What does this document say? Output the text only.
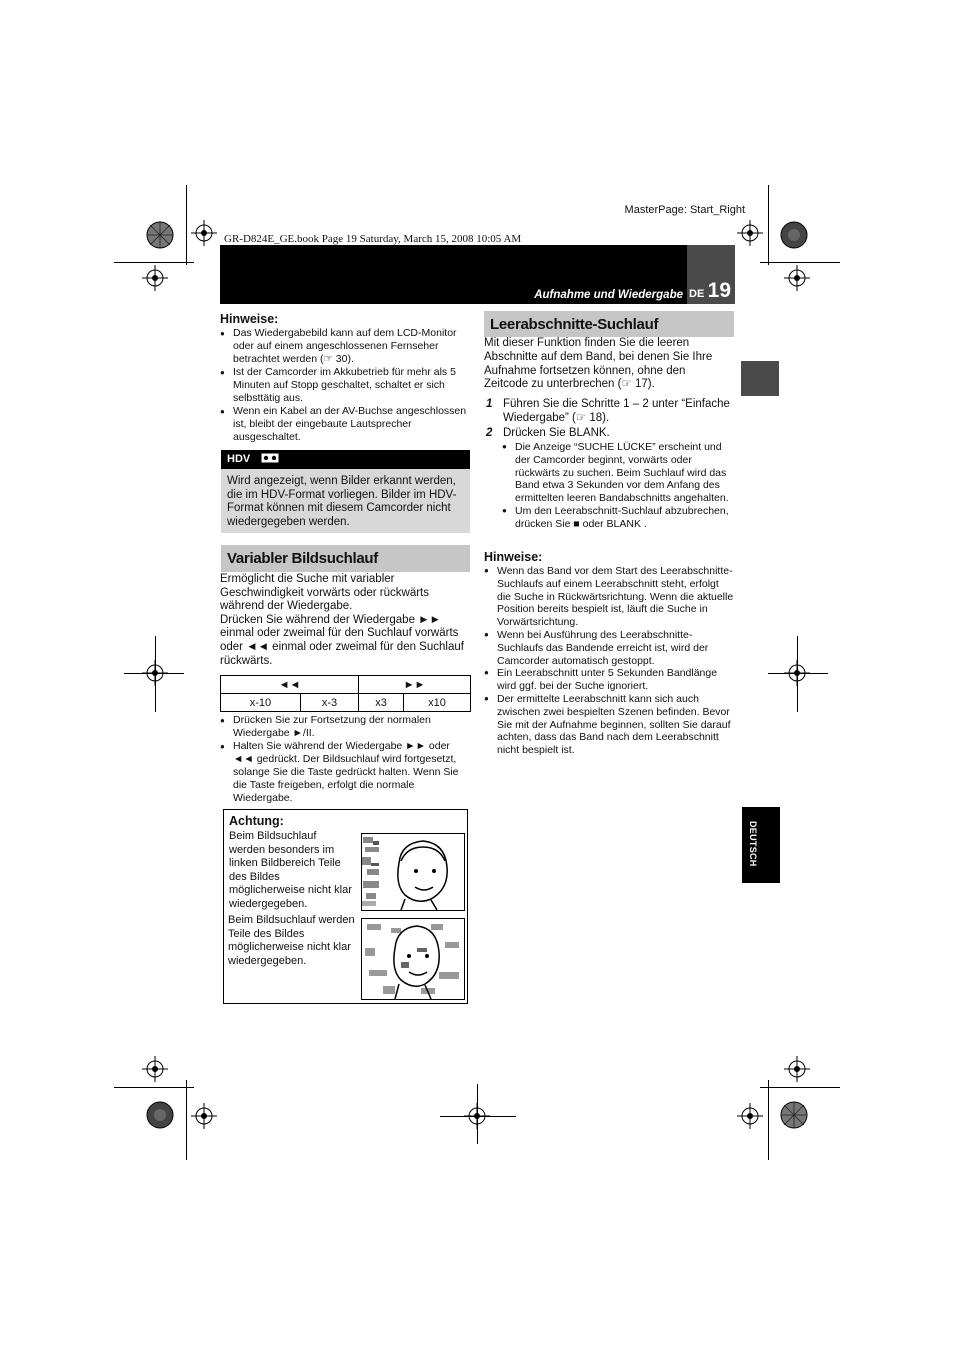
MasterPage: Start_Right
GR-D824E_GE.book Page 19 Saturday, March 15, 2008 10:05 AM
Aufnahme und Wiedergabe DE 19
DEUTSCH
Hinweise:
● Das Wiedergabebild kann auf dem LCD-Monitor oder auf einem angeschlossenen Fernseher betrachtet werden (☞ 30).
● Ist der Camcorder im Akkubetrieb für mehr als 5 Minuten auf Stopp geschaltet, schaltet er sich selbsttätig aus.
● Wenn ein Kabel an der AV-Buchse angeschlossen ist, bleibt der eingebaute Lautsprecher ausgeschaltet.
HDV
Wird angezeigt, wenn Bilder erkannt werden, die im HDV-Format vorliegen. Bilder im HDV-Format können mit diesem Camcorder nicht wiedergegeben werden.
Variabler Bildsuchlauf
Ermöglicht die Suche mit variabler Geschwindigkeit vorwärts oder rückwärts während der Wiedergabe.
Drücken Sie während der Wiedergabe ►► einmal oder zweimal für den Suchlauf vorwärts oder ◄◄ einmal oder zweimal für den Suchlauf rückwärts.
◄◄		►►	
x-10	x-3	x3	x10
● Drücken Sie zur Fortsetzung der normalen Wiedergabe ►/II.
● Halten Sie während der Wiedergabe ►► oder ◄◄ gedrückt. Der Bildsuchlauf wird fortgesetzt, solange Sie die Taste gedrückt halten. Wenn Sie die Taste freigeben, erfolgt die normale Wiedergabe.
Achtung:
Beim Bildsuchlauf werden besonders im linken Bildbereich Teile des Bildes möglicherweise nicht klar wiedergegeben.
Beim Bildsuchlauf werden Teile des Bildes möglicherweise nicht klar wiedergegeben.
Leerabschnitte-Suchlauf
Mit dieser Funktion finden Sie die leeren Abschnitte auf dem Band, bei denen Sie Ihre Aufnahme fortsetzen können, ohne den Zeitcode zu unterbrechen (☞ 17).
1 Führen Sie die Schritte 1 – 2 unter “Einfache Wiedergabe” (☞ 18).
2 Drücken Sie BLANK.
● Die Anzeige “SUCHE LÜCKE” erscheint und der Camcorder beginnt, vorwärts oder rückwärts zu suchen. Beim Suchlauf wird das Band etwa 3 Sekunden vor dem Anfang des ermittelten leeren Bandabschnitts angehalten.
● Um den Leerabschnitt-Suchlauf abzubrechen, drücken Sie ■ oder BLANK .
Hinweise:
● Wenn das Band vor dem Start des Leerabschnitte-Suchlaufs auf einem Leerabschnitt steht, erfolgt die Suche in Rückwärtsrichtung. Wenn die aktuelle Position bereits bespielt ist, läuft die Suche in Vorwärtsrichtung.
● Wenn bei Ausführung des Leerabschnitte-Suchlaufs das Bandende erreicht ist, wird der Camcorder automatisch gestoppt.
● Ein Leerabschnitt unter 5 Sekunden Bandlänge wird ggf. bei der Suche ignoriert.
● Der ermittelte Leerabschnitt kann sich auch zwischen zwei bespielten Szenen befinden. Bevor Sie mit der Aufnahme beginnen, sollten Sie darauf achten, dass das Band nach dem Leerabschnitt nicht bespielt ist.
